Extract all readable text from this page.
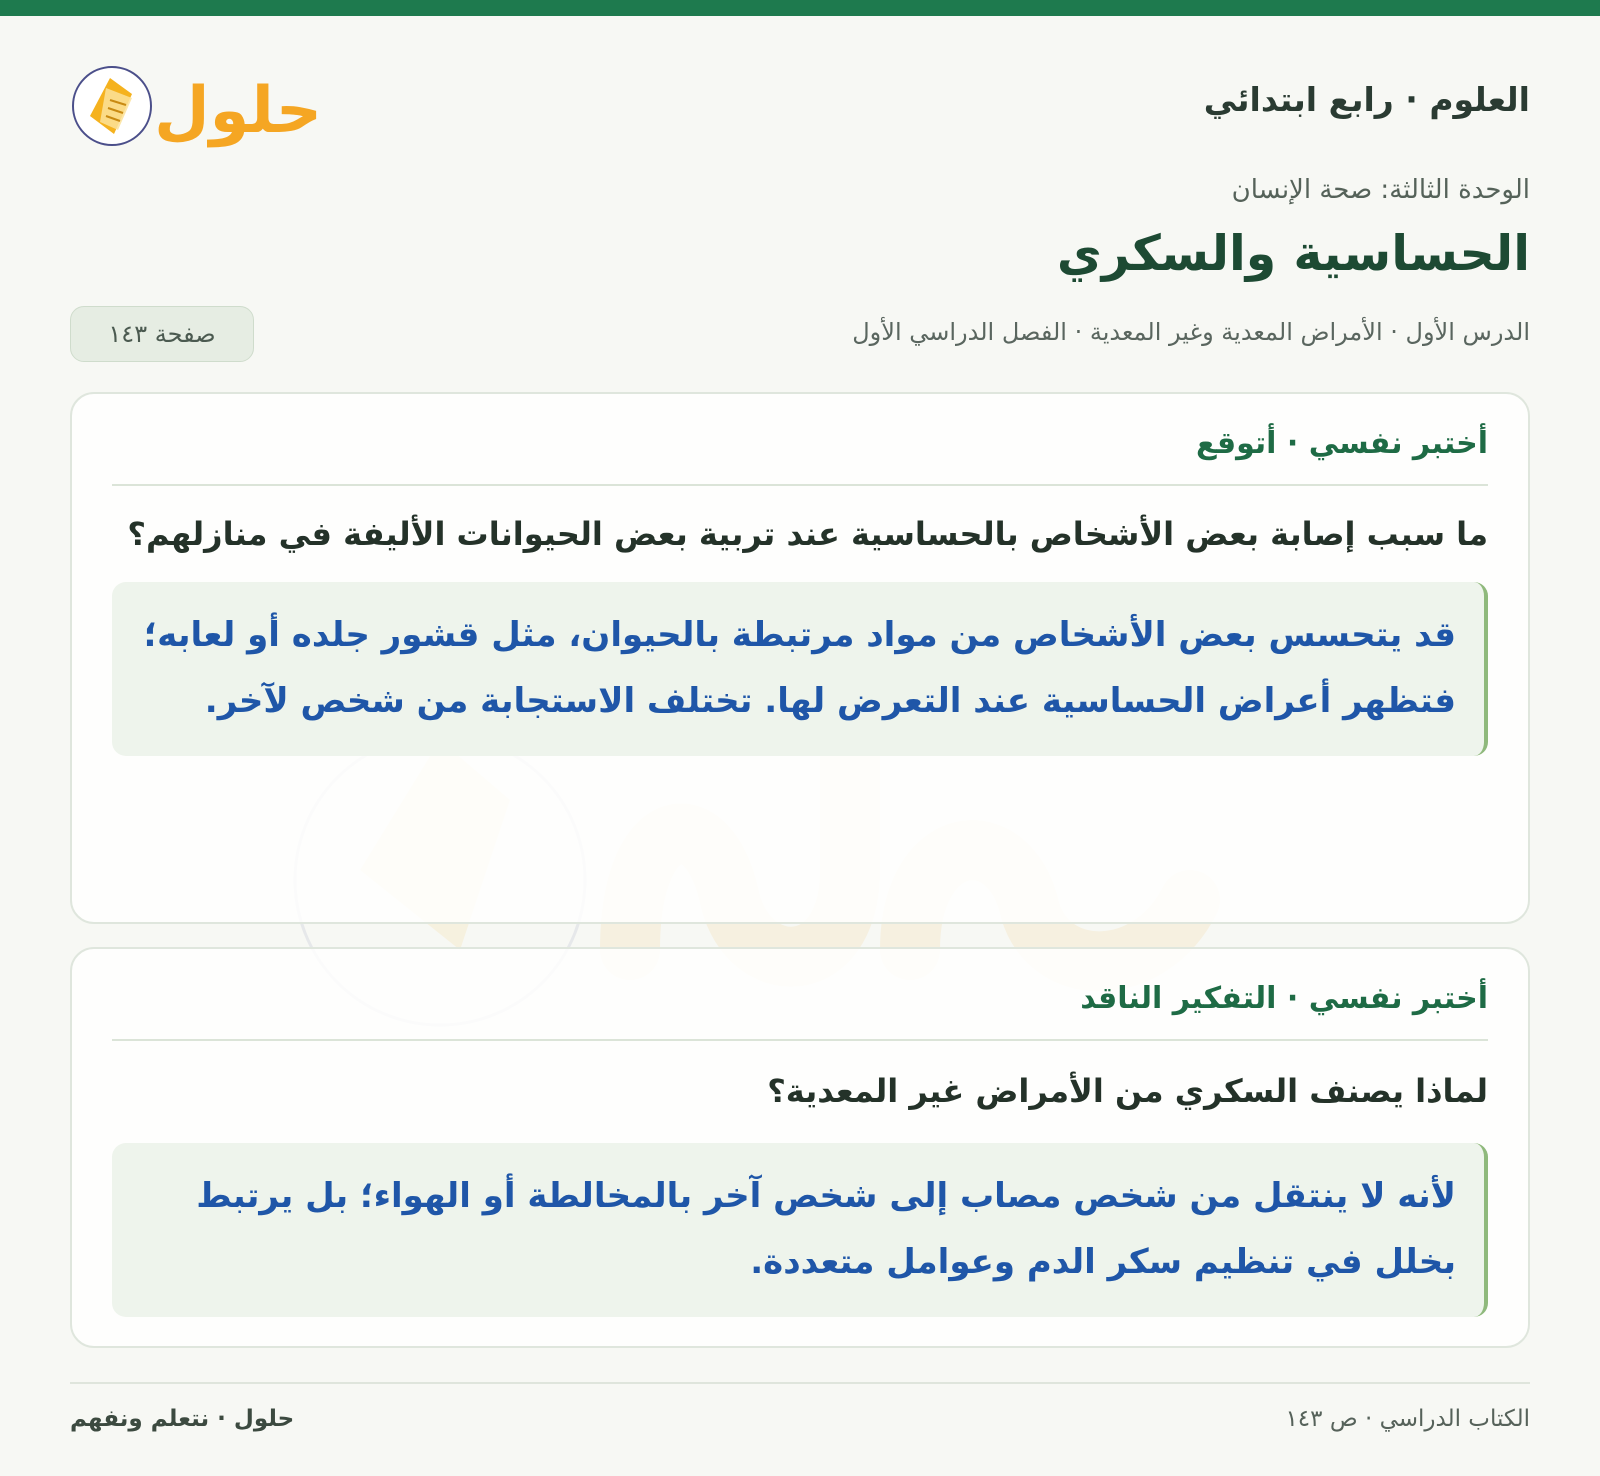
العلوم · رابع ابتدائي
حلول
الوحدة الثالثة: صحة الإنسان
الحساسية والسكري
الدرس الأول · الأمراض المعدية وغير المعدية · الفصل الدراسي الأول
صفحة ١٤٣
أختبر نفسي · أتوقع
ما سبب إصابة بعض الأشخاص بالحساسية عند تربية بعض الحيوانات الأليفة في منازلهم؟
قد يتحسس بعض الأشخاص من مواد مرتبطة بالحيوان، مثل قشور جلده أو لعابه؛ فتظهر أعراض الحساسية عند التعرض لها. تختلف الاستجابة من شخص لآخر.
أختبر نفسي · التفكير الناقد
لماذا يصنف السكري من الأمراض غير المعدية؟
لأنه لا ينتقل من شخص مصاب إلى شخص آخر بالمخالطة أو الهواء؛ بل يرتبط بخلل في تنظيم سكر الدم وعوامل متعددة.
الكتاب الدراسي · ص ١٤٣
حلول · نتعلم ونفهم
